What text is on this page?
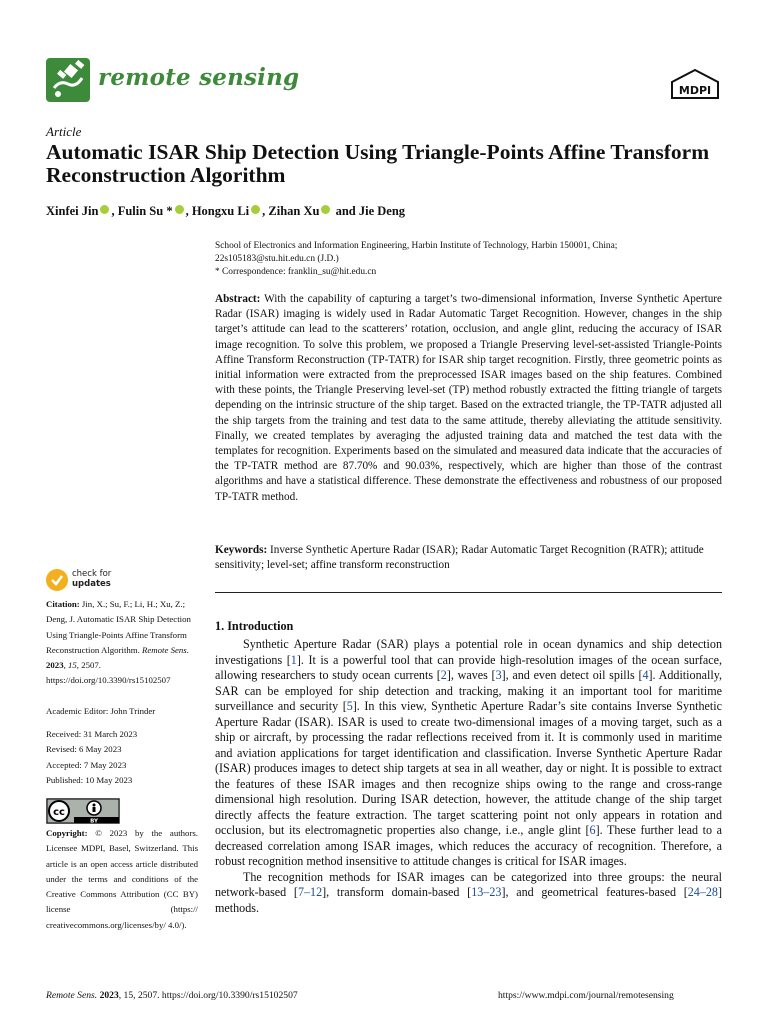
remote sensing	MDPI
Article
Automatic ISAR Ship Detection Using Triangle-Points Affine Transform Reconstruction Algorithm
Xinfei Jin , Fulin Su * , Hongxu Li , Zihan Xu and Jie Deng
School of Electronics and Information Engineering, Harbin Institute of Technology, Harbin 150001, China;
22s105183@stu.hit.edu.cn (J.D.)
* Correspondence: franklin_su@hit.edu.cn

Abstract: With the capability of capturing a target’s two-dimensional information, Inverse Synthetic Aperture Radar (ISAR) imaging is widely used in Radar Automatic Target Recognition. However, changes in the ship target’s attitude can lead to the scatterers’ rotation, occlusion, and angle glint, reducing the accuracy of ISAR image recognition. To solve this problem, we proposed a Triangle Preserving level-set-assisted Triangle-Points Affine Transform Reconstruction (TP-TATR) for ISAR ship target recognition. Firstly, three geometric points as initial information were extracted from the preprocessed ISAR images based on the ship features. Combined with these points, the Triangle Preserving level-set (TP) method robustly extracted the fitting triangle of targets depending on the intrinsic structure of the ship target. Based on the extracted triangle, the TP-TATR adjusted all the ship targets from the training and test data to the same attitude, thereby alleviating the attitude sensitivity. Finally, we created templates by averaging the adjusted training data and matched the test data with the templates for recognition. Experiments based on the simulated and measured data indicate that the accuracies of the TP-TATR method are 87.70% and 90.03%, respectively, which are higher than those of the contrast algorithms and have a statistical difference. These demonstrate the effectiveness and robustness of our proposed TP-TATR method.

Keywords: Inverse Synthetic Aperture Radar (ISAR); Radar Automatic Target Recognition (RATR); attitude sensitivity; level-set; affine transform reconstruction

check for
updates
Citation: Jin, X.; Su, F.; Li, H.; Xu, Z.; Deng, J. Automatic ISAR Ship Detection Using Triangle-Points Affine Transform Reconstruction Algorithm. Remote Sens. 2023, 15, 2507. https://doi.org/10.3390/rs15102507
Academic Editor: John Trinder
Received: 31 March 2023
Revised: 6 May 2023
Accepted: 7 May 2023
Published: 10 May 2023
cc
BY
Copyright: © 2023 by the authors. Licensee MDPI, Basel, Switzerland. This article is an open access article distributed under the terms and conditions of the Creative Commons Attribution (CC BY) license (https:// creativecommons.org/licenses/by/ 4.0/).
1. Introduction

Synthetic Aperture Radar (SAR) plays a potential role in ocean dynamics and ship detection investigations [1]. It is a powerful tool that can provide high-resolution images of the ocean surface, allowing researchers to study ocean currents [2], waves [3], and even detect oil spills [4]. Additionally, SAR can be employed for ship detection and tracking, making it an important tool for maritime surveillance and security [5]. In this view, Synthetic Aperture Radar’s site contains Inverse Synthetic Aperture Radar (ISAR). ISAR is used to create two-dimensional images of a moving target, such as a ship or aircraft, by processing the radar reflections received from it. It is commonly used in maritime and aviation applications for target identification and classification. Inverse Synthetic Aperture Radar (ISAR) produces images to detect ship targets at sea in all weather, day or night. It is possible to extract the features of these ISAR images and then recognize ships owing to the range and cross-range dimensional high resolution. During ISAR detection, however, the attitude change of the ship target directly affects the feature extraction. The target scattering point not only appears in rotation and occlusion, but its electromagnetic properties also change, i.e., angle glint [6]. These further lead to a decreased correlation among ISAR images, which reduces the accuracy of recognition. Therefore, a robust recognition method insensitive to attitude changes is critical for ISAR images.

The recognition methods for ISAR images can be categorized into three groups: the neural network-based [7–12], transform domain-based [13–23], and geometrical features-based [24–28] methods.

Remote Sens. 2023, 15, 2507. https://doi.org/10.3390/rs15102507	https://www.mdpi.com/journal/remotesensing
